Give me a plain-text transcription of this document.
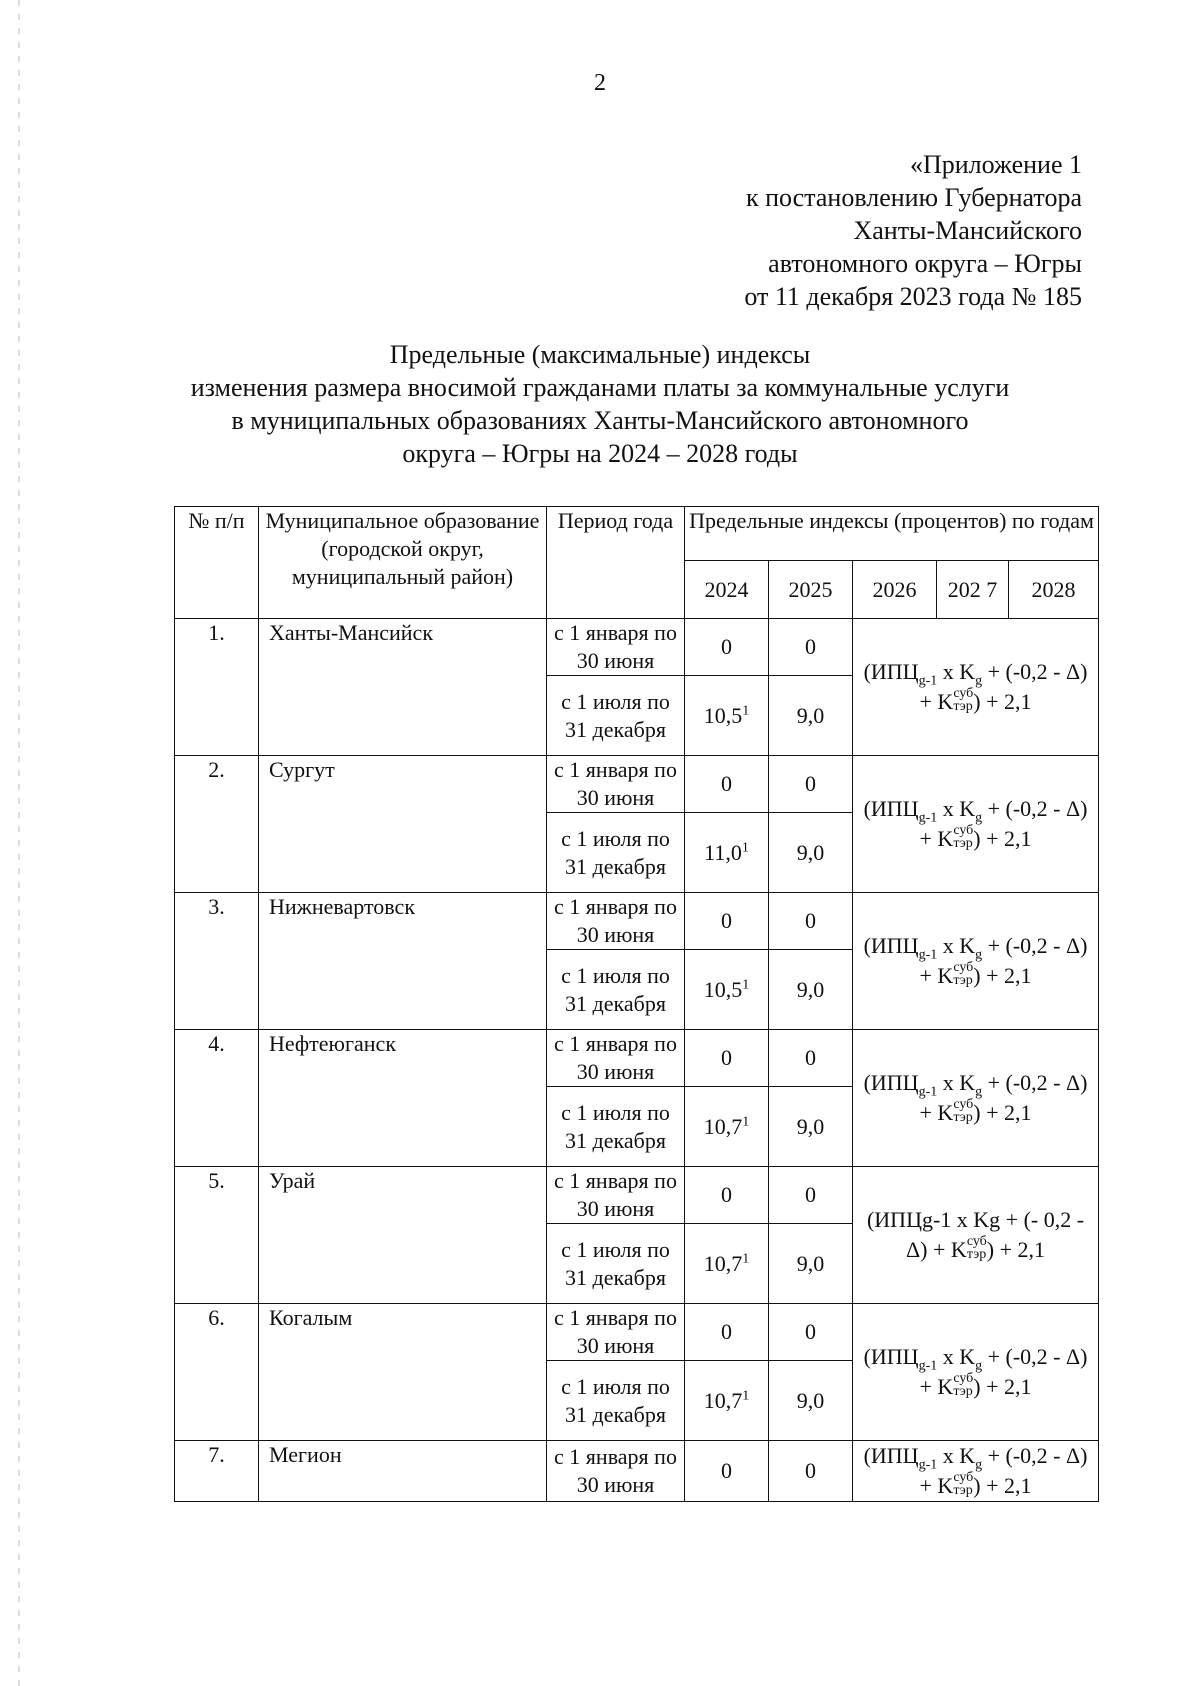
2
«Приложение 1
к постановлению Губернатора
Ханты-Мансийского
автономного округа – Югры
от 11 декабря 2023 года № 185
Предельные (максимальные) индексы
изменения размера вносимой гражданами платы за коммунальные услуги
в муниципальных образованиях Ханты-Мансийского автономного
округа – Югры на 2024 – 2028 годы
№ п/п	Муниципальное образование (городской округ, муниципальный район)	Период года	Предельные индексы (процентов) по годам				
			2024	2025	2026	202 7	2028
1.	Ханты-Мансийск	с 1 января по 30 июня	0	0	($ИПЦ_{g-1}$ x $K_g + (-0,2 - \Delta) + K$ суб
тэр ) + 2,1		
		с 1 июля по 31 декабря	10,5$^1$	9,0			
2.	Сургут	с 1 января по 30 июня	0	0	($ИПЦ_{g-1}$ x $K_g + (-0,2 - \Delta) + K$ суб
тэр ) + 2,1		
		с 1 июля по 31 декабря	11,0$^1$	9,0			
3.	Нижневартовск	с 1 января по 30 июня	0	0	($ИПЦ_{g-1}$ x $K_g + (-0,2 - \Delta) + K$ суб
тэр ) + 2,1		
		с 1 июля по 31 декабря	10,5$^1$	9,0			
4.	Нефтеюганск	с 1 января по 30 июня	0	0	($ИПЦ_{g-1}$ x $K_g + (-0,2 - \Delta) + K$ суб
тэр ) + 2,1		
		с 1 июля по 31 декабря	10,7$^1$	9,0			
5.	Урай	с 1 января по 30 июня	0	0	(ИПЦg-1 x Kg + (- 0,2 - Δ) + K суб
тэр ) + 2,1		
		с 1 июля по 31 декабря	10,7$^1$	9,0			
6.	Когалым	с 1 января по 30 июня	0	0	($ИПЦ_{g-1}$ x $K_g + (-0,2 - \Delta) + K$ суб
тэр ) + 2,1		
		с 1 июля по 31 декабря	10,7$^1$	9,0			
7.	Мегион	с 1 января по 30 июня	0	0	($ИПЦ_{g-1}$ x $K_g + (-0,2 - \Delta) + K$ суб
тэр ) + 2,1		
